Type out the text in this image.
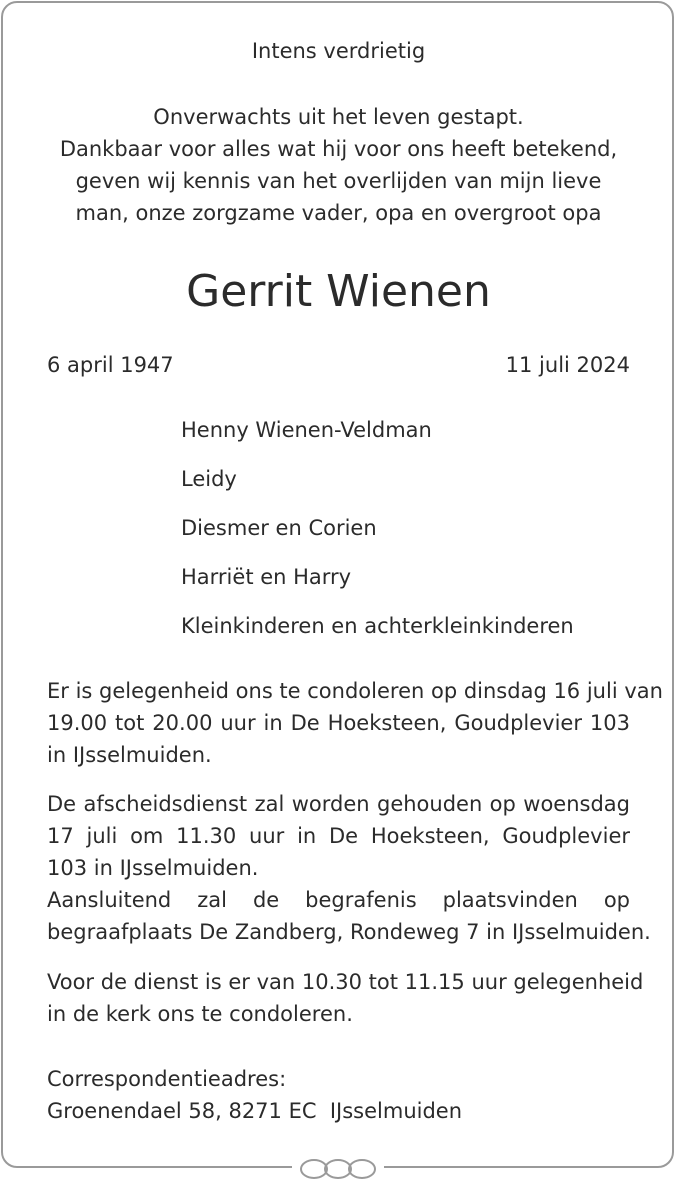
Intens verdrietig
Onverwachts uit het leven gestapt.
Dankbaar voor alles wat hij voor ons heeft betekend,
geven wij kennis van het overlijden van mijn lieve
man, onze zorgzame vader, opa en overgroot opa
Gerrit Wienen
6 april 1947	11 juli 2024
Henny Wienen-Veldman
Leidy
Diesmer en Corien
Harriët en Harry
Kleinkinderen en achterkleinkinderen
Er is gelegenheid ons te condoleren op dinsdag 16 juli van
19.00 tot 20.00 uur in De Hoeksteen, Goudplevier 103
in IJsselmuiden.
De afscheidsdienst zal worden gehouden op woensdag
17 juli om 11.30 uur in De Hoeksteen, Goudplevier
103 in IJsselmuiden.
Aansluitend zal de begrafenis plaatsvinden op
begraafplaats De Zandberg, Rondeweg 7 in IJsselmuiden.
Voor de dienst is er van 10.30 tot 11.15 uur gelegenheid
in de kerk ons te condoleren.
Correspondentieadres:
Groenendael 58, 8271 EC  IJsselmuiden
